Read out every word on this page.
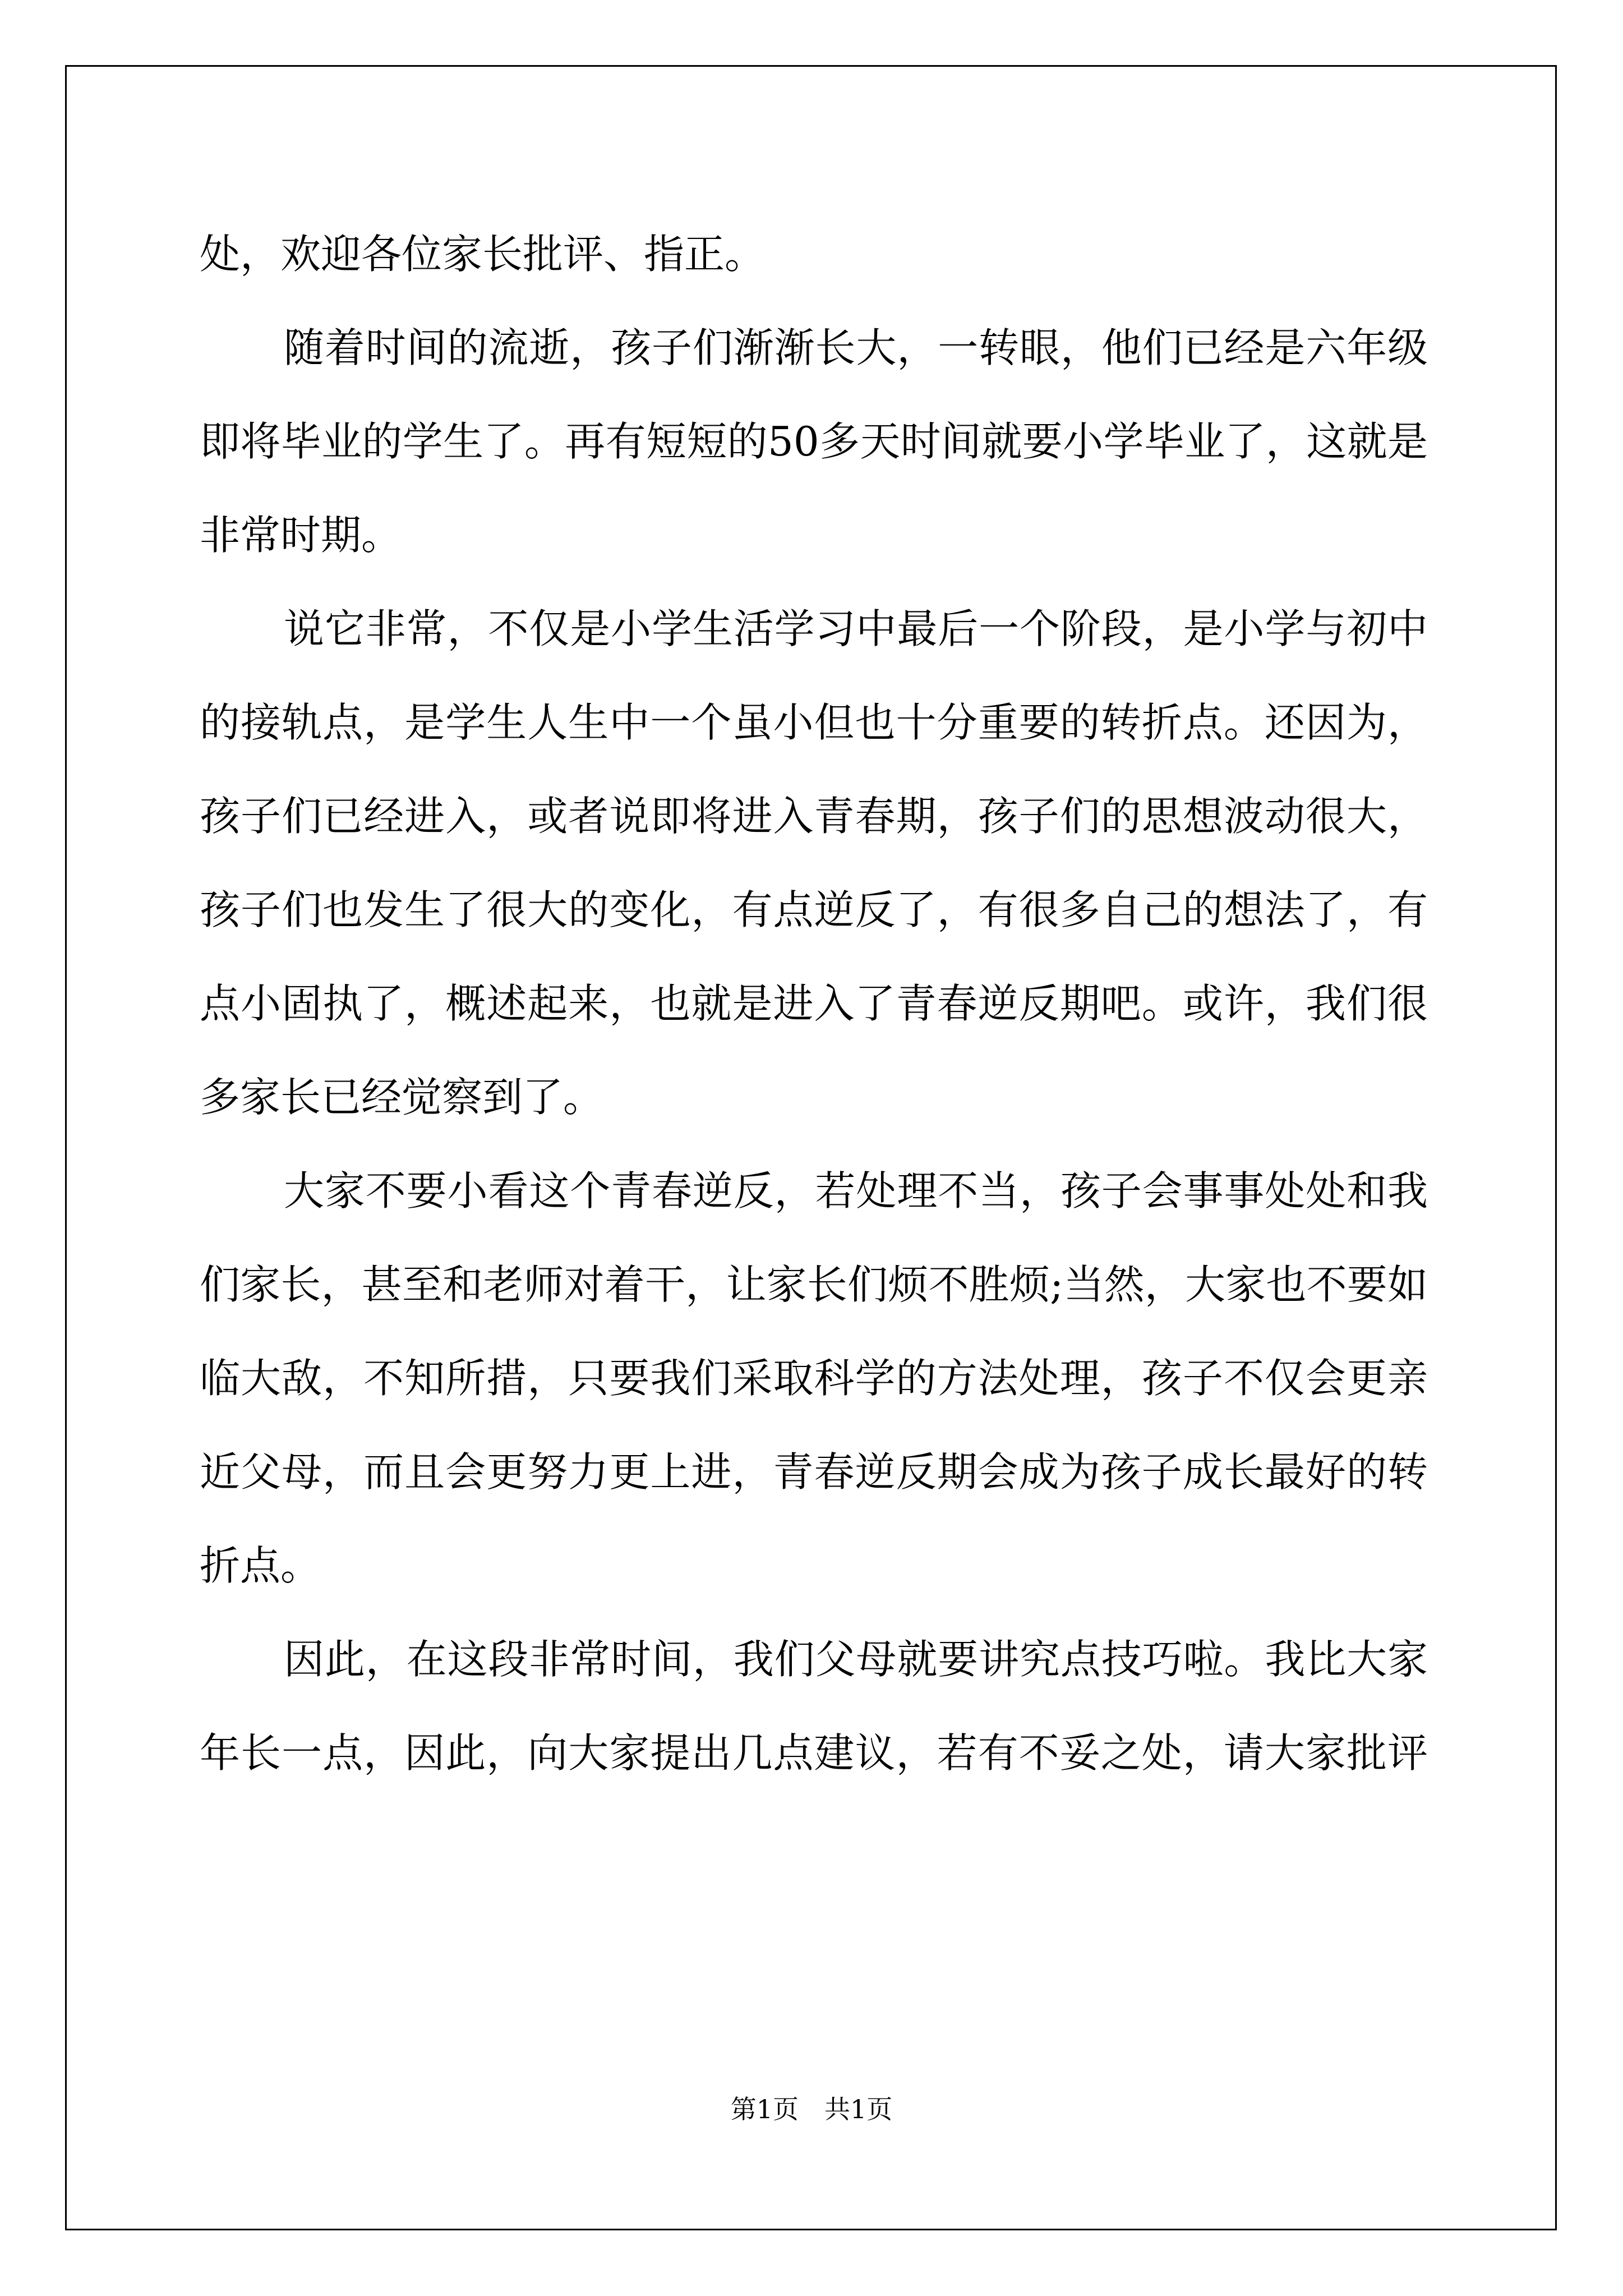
处，欢迎各位家长批评、指正。
随着时间的流逝，孩子们渐渐长大，一转眼，他们已经是六年级
即将毕业的学生了。再有短短的50多天时间就要小学毕业了，这就是
非常时期。
说它非常，不仅是小学生活学习中最后一个阶段，是小学与初中
的接轨点，是学生人生中一个虽小但也十分重要的转折点。还因为，
孩子们已经进入，或者说即将进入青春期，孩子们的思想波动很大，
孩子们也发生了很大的变化，有点逆反了，有很多自己的想法了，有
点小固执了，概述起来，也就是进入了青春逆反期吧。或许，我们很
多家长已经觉察到了。
大家不要小看这个青春逆反，若处理不当，孩子会事事处处和我
们家长，甚至和老师对着干，让家长们烦不胜烦;当然，大家也不要如
临大敌，不知所措，只要我们采取科学的方法处理，孩子不仅会更亲
近父母，而且会更努力更上进，青春逆反期会成为孩子成长最好的转
折点。
因此，在这段非常时间，我们父母就要讲究点技巧啦。我比大家
年长一点，因此，向大家提出几点建议，若有不妥之处，请大家批评
第1页　共1页
